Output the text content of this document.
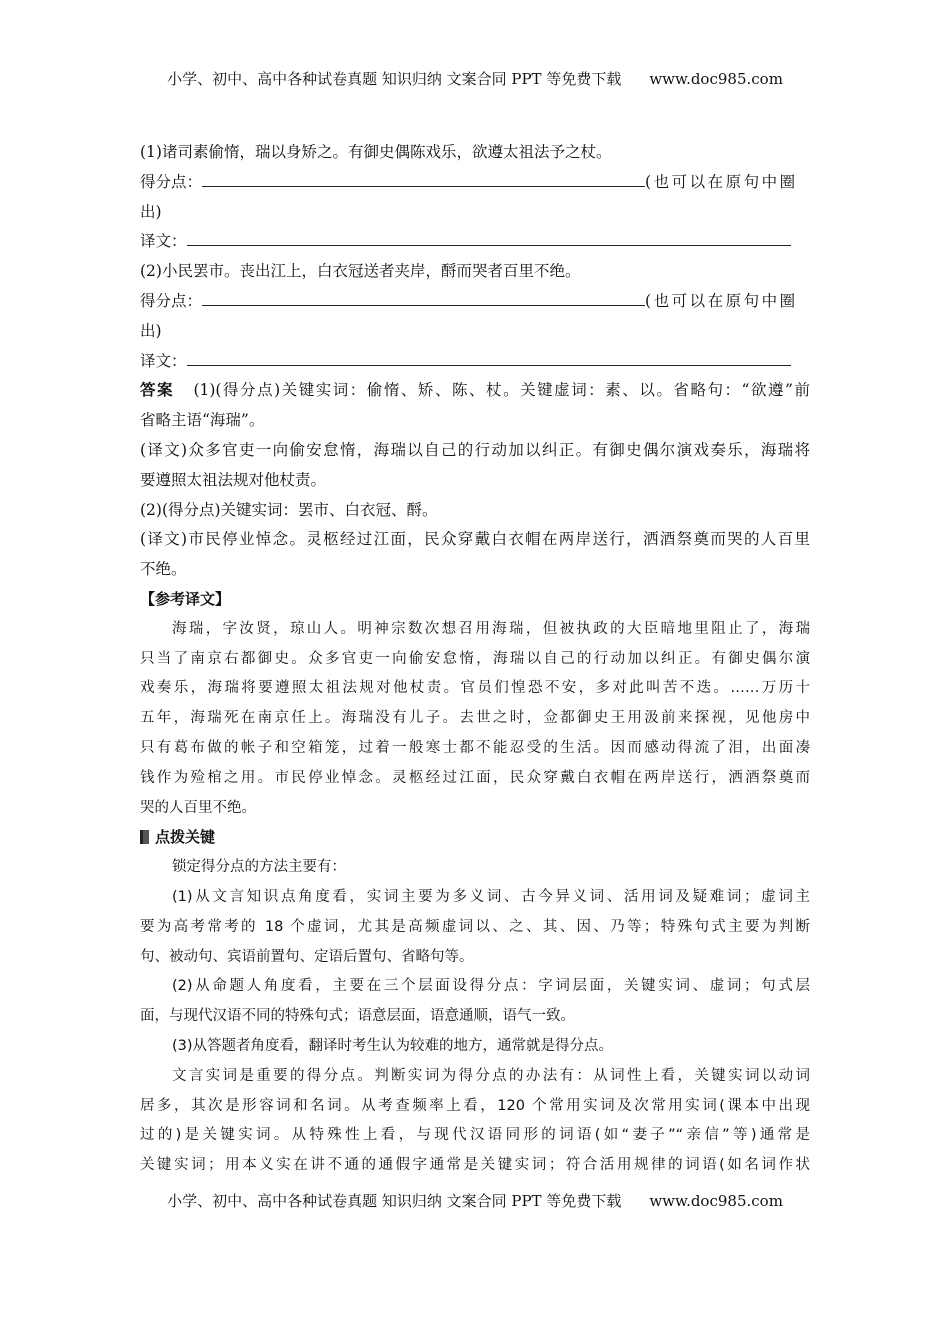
小学、初中、高中各种试卷真题 知识归纳 文案合同 PPT 等免费下载 www.doc985.com
(1)诸司素偷惰，瑞以身矫之。有御史偶陈戏乐，欲遵太祖法予之杖。
得分点：	(也可以在原句中圈
出)
译文：
(2)小民罢市。丧出江上，白衣冠送者夹岸，酹而哭者百里不绝。
得分点：	(也可以在原句中圈
出)
译文：
答案 (1)(得分点)关键实词：偷惰、矫、陈、杖。关键虚词：素、以。省略句：“欲遵”前
省略主语“海瑞”。
(译文)众多官吏一向偷安怠惰，海瑞以自己的行动加以纠正。有御史偶尔演戏奏乐，海瑞将
要遵照太祖法规对他杖责。
(2)(得分点)关键实词：罢市、白衣冠、酹。
(译文)市民停业悼念。灵柩经过江面，民众穿戴白衣帽在两岸送行，洒酒祭奠而哭的人百里
不绝。
【参考译文】
海瑞，字汝贤，琼山人。明神宗数次想召用海瑞，但被执政的大臣暗地里阻止了，海瑞
只当了南京右都御史。众多官吏一向偷安怠惰，海瑞以自己的行动加以纠正。有御史偶尔演
戏奏乐，海瑞将要遵照太祖法规对他杖责。官员们惶恐不安，多对此叫苦不迭。……万历十
五年，海瑞死在南京任上。海瑞没有儿子。去世之时，佥都御史王用汲前来探视，见他房中
只有葛布做的帐子和空箱笼，过着一般寒士都不能忍受的生活。因而感动得流了泪，出面凑
钱作为殓棺之用。市民停业悼念。灵柩经过江面，民众穿戴白衣帽在两岸送行，洒酒祭奠而
哭的人百里不绝。
点拨关键
锁定得分点的方法主要有：
(1)从文言知识点角度看，实词主要为多义词、古今异义词、活用词及疑难词；虚词主
要为高考常考的 18 个虚词，尤其是高频虚词以、之、其、因、乃等；特殊句式主要为判断
句、被动句、宾语前置句、定语后置句、省略句等。
(2)从命题人角度看，主要在三个层面设得分点：字词层面，关键实词、虚词；句式层
面，与现代汉语不同的特殊句式；语意层面，语意通顺，语气一致。
(3)从答题者角度看，翻译时考生认为较难的地方，通常就是得分点。
文言实词是重要的得分点。判断实词为得分点的办法有：从词性上看，关键实词以动词
居多，其次是形容词和名词。从考查频率上看，120 个常用实词及次常用实词(课本中出现
过的)是关键实词。从特殊性上看，与现代汉语同形的词语(如“妻子”“亲信”等)通常是
关键实词；用本义实在讲不通的通假字通常是关键实词；符合活用规律的词语(如名词作状
小学、初中、高中各种试卷真题 知识归纳 文案合同 PPT 等免费下载 www.doc985.com
